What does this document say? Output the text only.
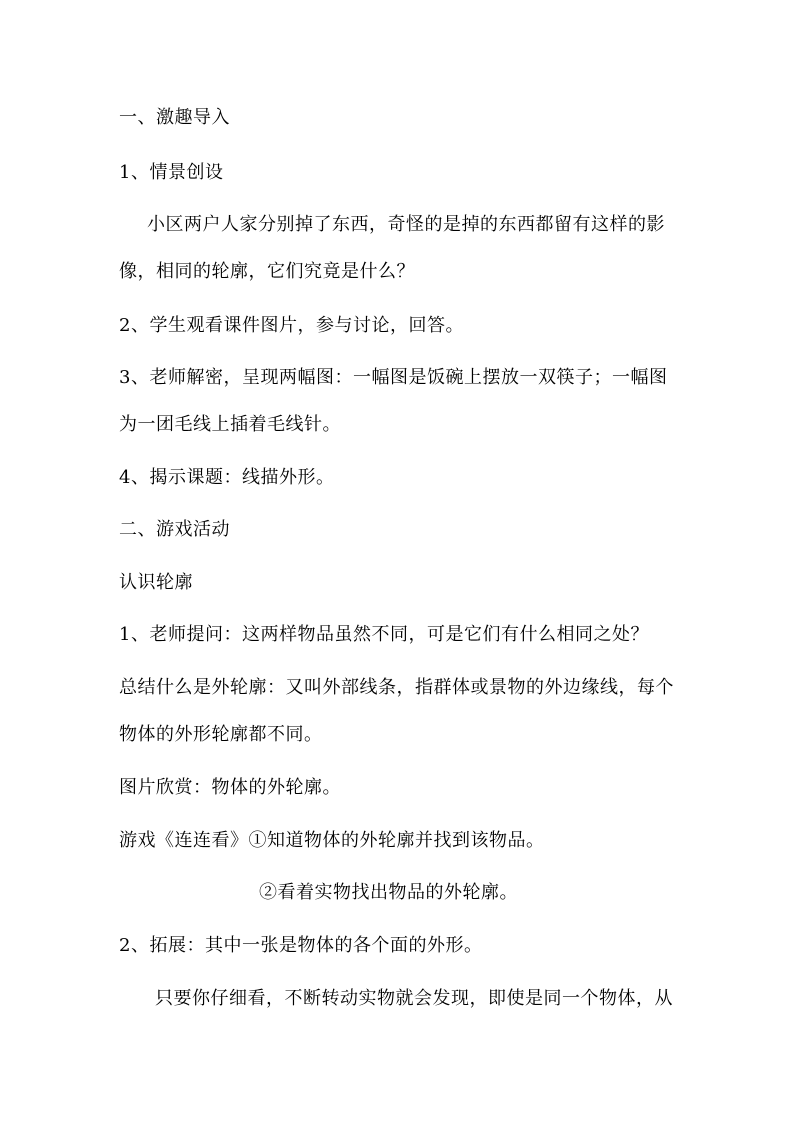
一、激趣导入
1、情景创设
小区两户人家分别掉了东西，奇怪的是掉的东西都留有这样的影
像，相同的轮廓，它们究竟是什么？
2、学生观看课件图片，参与讨论，回答。
3、老师解密，呈现两幅图：一幅图是饭碗上摆放一双筷子；一幅图
为一团毛线上插着毛线针。
4、揭示课题：线描外形。
二、游戏活动
认识轮廓
1、老师提问：这两样物品虽然不同，可是它们有什么相同之处？
总结什么是外轮廓：又叫外部线条，指群体或景物的外边缘线，每个
物体的外形轮廓都不同。
图片欣赏：物体的外轮廓。
游戏《连连看》①知道物体的外轮廓并找到该物品。
②看着实物找出物品的外轮廓。
2、拓展：其中一张是物体的各个面的外形。
只要你仔细看，不断转动实物就会发现，即使是同一个物体，从
